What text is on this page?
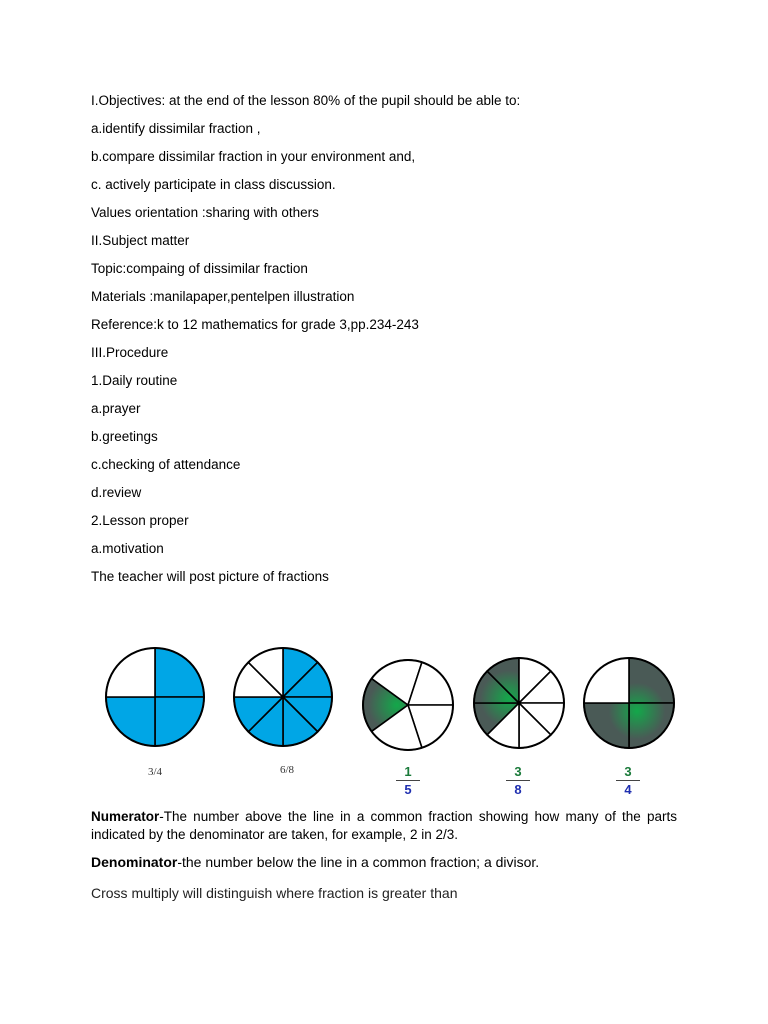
I.Objectives: at the end of the lesson 80% of the pupil should be able to:
a.identify dissimilar fraction ,
b.compare dissimilar fraction in your environment and,
c. actively participate in class discussion.
Values orientation :sharing with others
II.Subject matter
Topic:compaing of dissimilar fraction
Materials :manilapaper,pentelpen illustration
Reference:k to 12 mathematics for grade 3,pp.234-243
III.Procedure
1.Daily routine
a.prayer
b.greetings
c.checking of attendance
d.review
2.Lesson proper
a.motivation
The teacher will post picture of fractions
3/4	6/8	1
5
3
8
3
4
Numerator-The number above the line in a common fraction showing how many of the parts indicated by the denominator are taken, for example, 2 in 2/3.
Denominator-the number below the line in a common fraction; a divisor.
Cross multiply will distinguish where fraction is greater than
